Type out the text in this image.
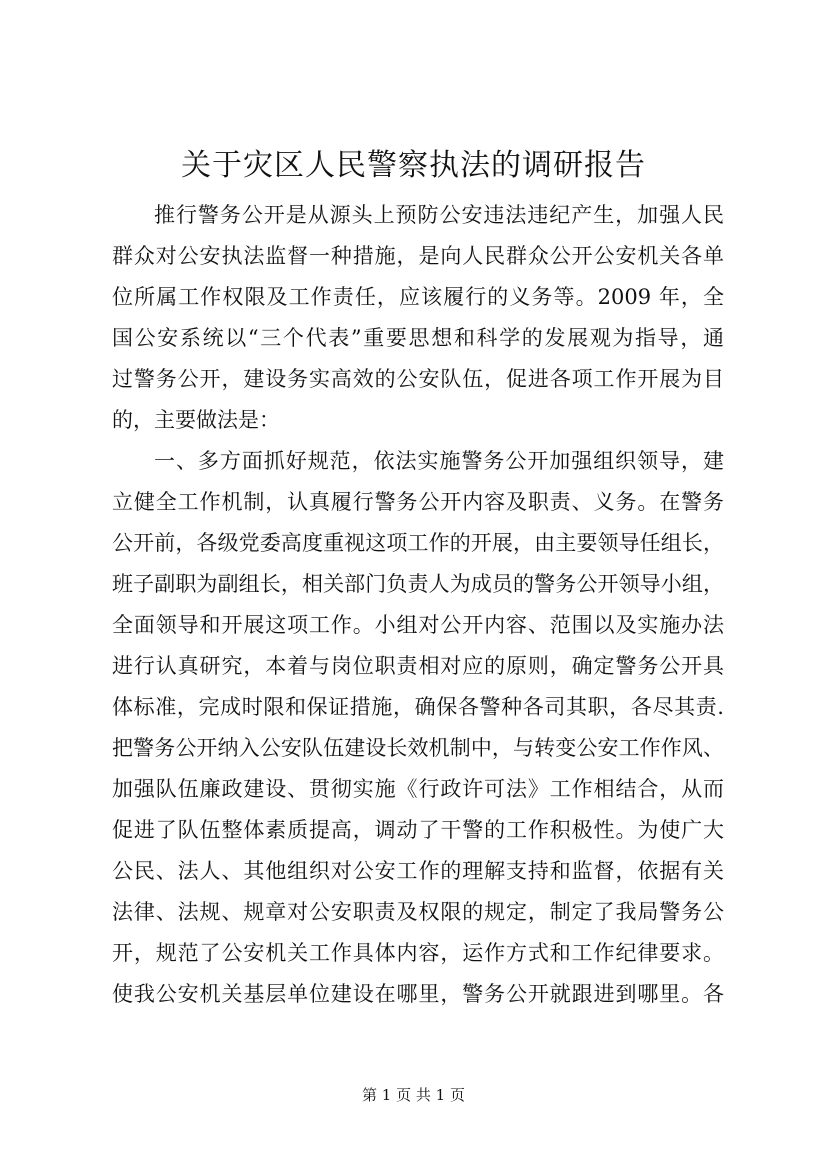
关于灾区人民警察执法的调研报告
推行警务公开是从源头上预防公安违法违纪产生，加强人民
群众对公安执法监督一种措施，是向人民群众公开公安机关各单
位所属工作权限及工作责任，应该履行的义务等。2009 年，全
国公安系统以“三个代表”重要思想和科学的发展观为指导，通
过警务公开，建设务实高效的公安队伍，促进各项工作开展为目
的，主要做法是：
一、多方面抓好规范，依法实施警务公开加强组织领导，建
立健全工作机制，认真履行警务公开内容及职责、义务。在警务
公开前，各级党委高度重视这项工作的开展，由主要领导任组长，
班子副职为副组长，相关部门负责人为成员的警务公开领导小组，
全面领导和开展这项工作。小组对公开内容、范围以及实施办法
进行认真研究，本着与岗位职责相对应的原则，确定警务公开具
体标准，完成时限和保证措施，确保各警种各司其职，各尽其责.
把警务公开纳入公安队伍建设长效机制中，与转变公安工作作风、
加强队伍廉政建设、贯彻实施《行政许可法》工作相结合，从而
促进了队伍整体素质提高，调动了干警的工作积极性。为使广大
公民、法人、其他组织对公安工作的理解支持和监督，依据有关
法律、法规、规章对公安职责及权限的规定，制定了我局警务公
开，规范了公安机关工作具体内容，运作方式和工作纪律要求。
使我公安机关基层单位建设在哪里，警务公开就跟进到哪里。各
第 1 页 共 1 页
